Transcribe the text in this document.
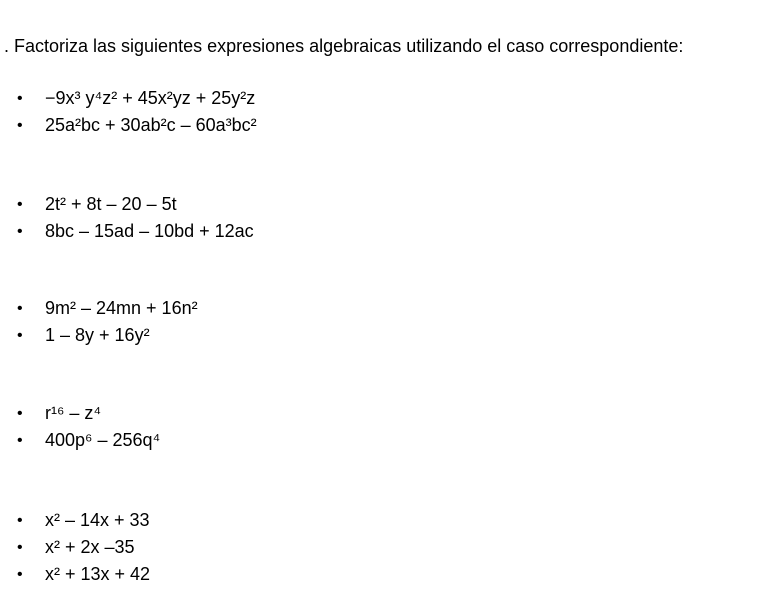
. Factoriza las siguientes expresiones algebraicas utilizando el caso correspondiente:
• −9x³ y⁴z² + 45x²yz + 25y²z
• 25a²bc + 30ab²c – 60a³bc²
• 2t² + 8t – 20 – 5t
• 8bc – 15ad – 10bd + 12ac
• 9m² – 24mn + 16n²
• 1 – 8y + 16y²
• r¹⁶ – z⁴
• 400p⁶ – 256q⁴
• x² – 14x + 33
• x² + 2x –35
• x² + 13x + 42
